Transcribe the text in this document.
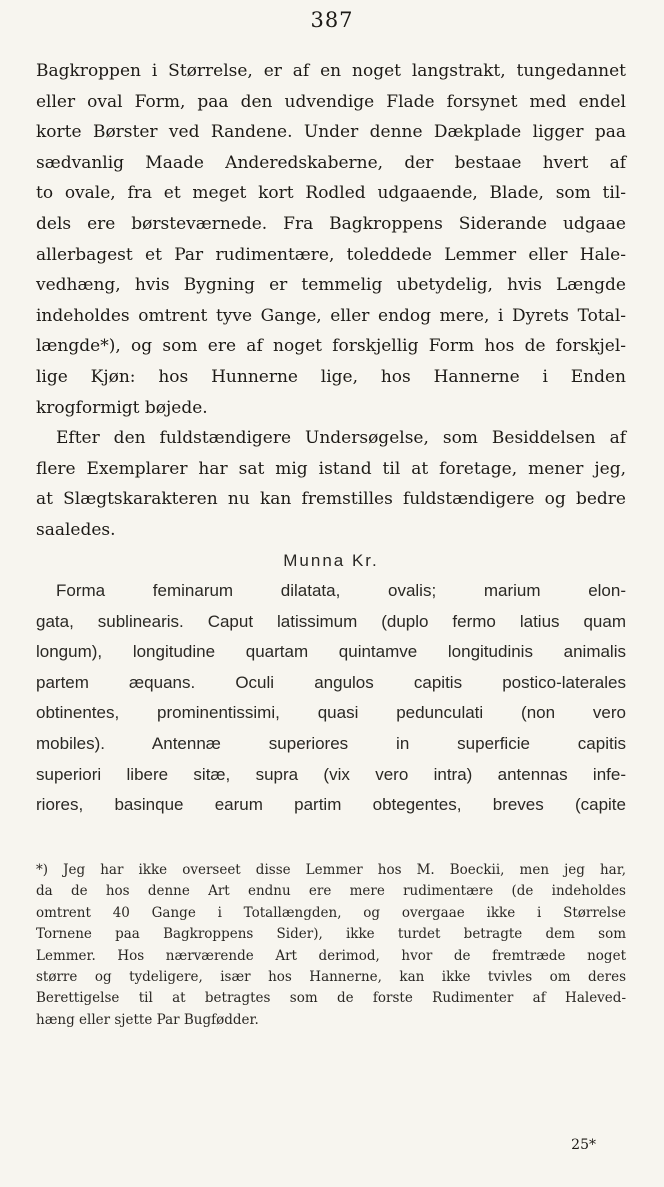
387
Bagkroppen i Størrelse, er af en noget langstrakt, tungedannet
eller oval Form, paa den udvendige Flade forsynet med endel
korte Børster ved Randene. Under denne Dækplade ligger paa
sædvanlig Maade Anderedskaberne, der bestaae hvert af
to ovale, fra et meget kort Rodled udgaaende, Blade, som til-
dels ere børsteværnede. Fra Bagkroppens Siderande udgaae
allerbagest et Par rudimentære, toleddede Lemmer eller Hale-
vedhæng, hvis Bygning er temmelig ubetydelig, hvis Længde
indeholdes omtrent tyve Gange, eller endog mere, i Dyrets Total-
længde*), og som ere af noget forskjellig Form hos de forskjel-
lige Kjøn: hos Hunnerne lige, hos Hannerne i Enden
krogformigt bøjede.
Efter den fuldstændigere Undersøgelse, som Besiddelsen af
flere Exemplarer har sat mig istand til at foretage, mener jeg,
at Slægtskarakteren nu kan fremstilles fuldstændigere og bedre
saaledes.
Munna Kr.
Forma feminarum dilatata, ovalis; marium elon-
gata, sublinearis. Caput latissimum (duplo fermo latius quam
longum), longitudine quartam quintamve longitudinis animalis
partem æquans. Oculi angulos capitis postico-laterales
obtinentes, prominentissimi, quasi pedunculati (non vero
mobiles). Antennæ superiores in superficie capitis
superiori libere sitæ, supra (vix vero intra) antennas infe-
riores, basinque earum partim obtegentes, breves (capite
*) Jeg har ikke overseet disse Lemmer hos M. Boeckii, men jeg har,
da de hos denne Art endnu ere mere rudimentære (de indeholdes
omtrent 40 Gange i Totallængden, og overgaae ikke i Størrelse
Tornene paa Bagkroppens Sider), ikke turdet betragte dem som
Lemmer. Hos nærværende Art derimod, hvor de fremtræde noget
større og tydeligere, især hos Hannerne, kan ikke tvivles om deres
Berettigelse til at betragtes som de forste Rudimenter af Haleved-
hæng eller sjette Par Bugfødder.
25*
